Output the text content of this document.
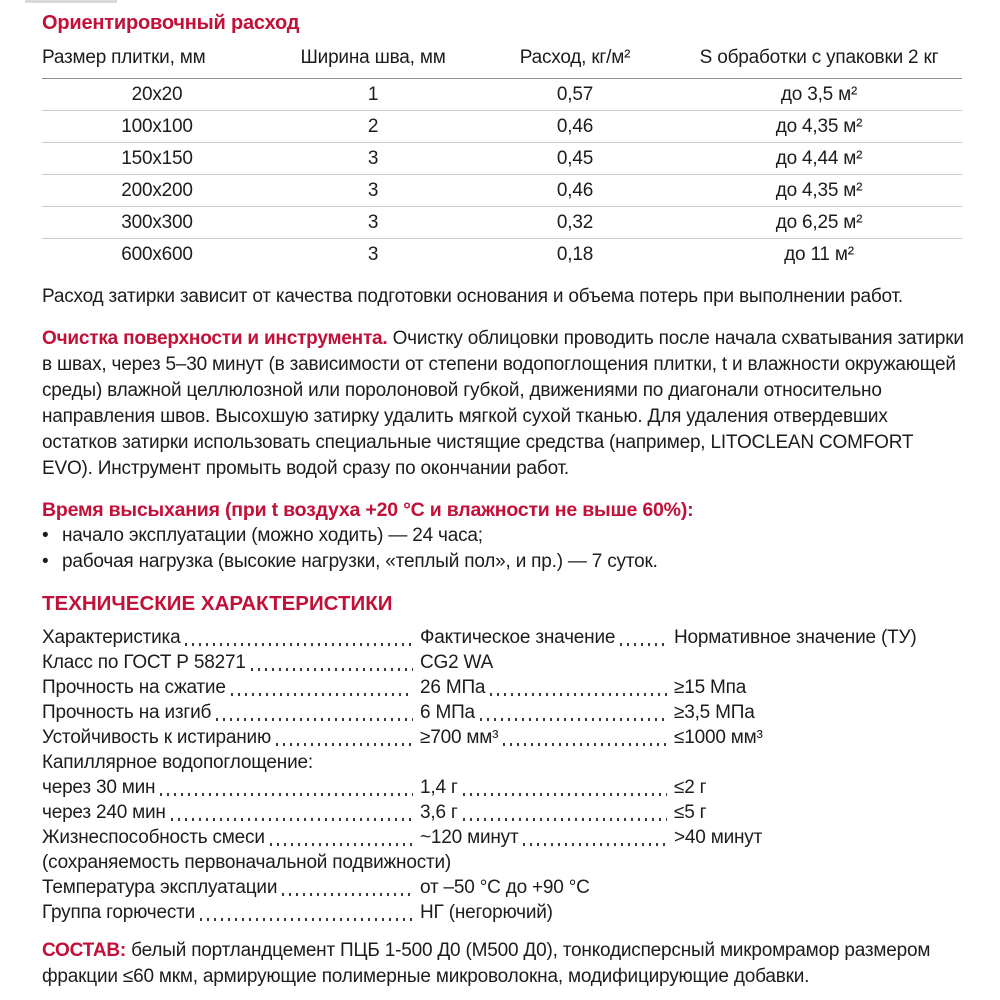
Ориентировочный расход
Размер плитки, мм	Ширина шва, мм	Расход, кг/м²	S обработки с упаковки 2 кг
20x20	1	0,57	до 3,5 м²
100x100	2	0,46	до 4,35 м²
150x150	3	0,45	до 4,44 м²
200x200	3	0,46	до 4,35 м²
300x300	3	0,32	до 6,25 м²
600x600	3	0,18	до 11 м²
Расход затирки зависит от качества подготовки основания и объема потерь при выполнении работ.
Очистка поверхности и инструмента. Очистку облицовки проводить после начала схватывания затирки в швах, через 5–30 минут (в зависимости от степени водопоглощения плитки, t и влажности окружающей среды) влажной целлюлозной или поролоновой губкой, движениями по диагонали относительно направления швов. Высохшую затирку удалить мягкой сухой тканью. Для удаления отвердевших остатков затирки использовать специальные чистящие средства (например, LITOCLEAN COMFORT EVO). Инструмент промыть водой сразу по окончании работ.
Время высыхания (при t воздуха +20 °C и влажности не выше 60%):
• начало эксплуатации (можно ходить) — 24 часа;
• рабочая нагрузка (высокие нагрузки, «теплый пол», и пр.) — 7 суток.
ТЕХНИЧЕСКИЕ ХАРАКТЕРИСТИКИ
Характеристика	Фактическое значение	Нормативное значение (ТУ)
Класс по ГОСТ Р 58271	CG2 WA
Прочность на сжатие	26 МПа	≥15 Мпа
Прочность на изгиб	6 МПа	≥3,5 МПа
Устойчивость к истиранию	≥700 мм³	≤1000 мм³
Капиллярное водопоглощение:
через 30 мин	1,4 г	≤2 г
через 240 мин	3,6 г	≤5 г
Жизнеспособность смеси	~120 минут	>40 минут
(сохраняемость первоначальной подвижности)
Температура эксплуатации	от –50 °C до +90 °C
Группа горючести	НГ (негорючий)
СОСТАВ: белый портландцемент ПЦБ 1-500 Д0 (М500 Д0), тонкодисперсный микромрамор размером фракции ≤60 мкм, армирующие полимерные микроволокна, модифицирующие добавки.
